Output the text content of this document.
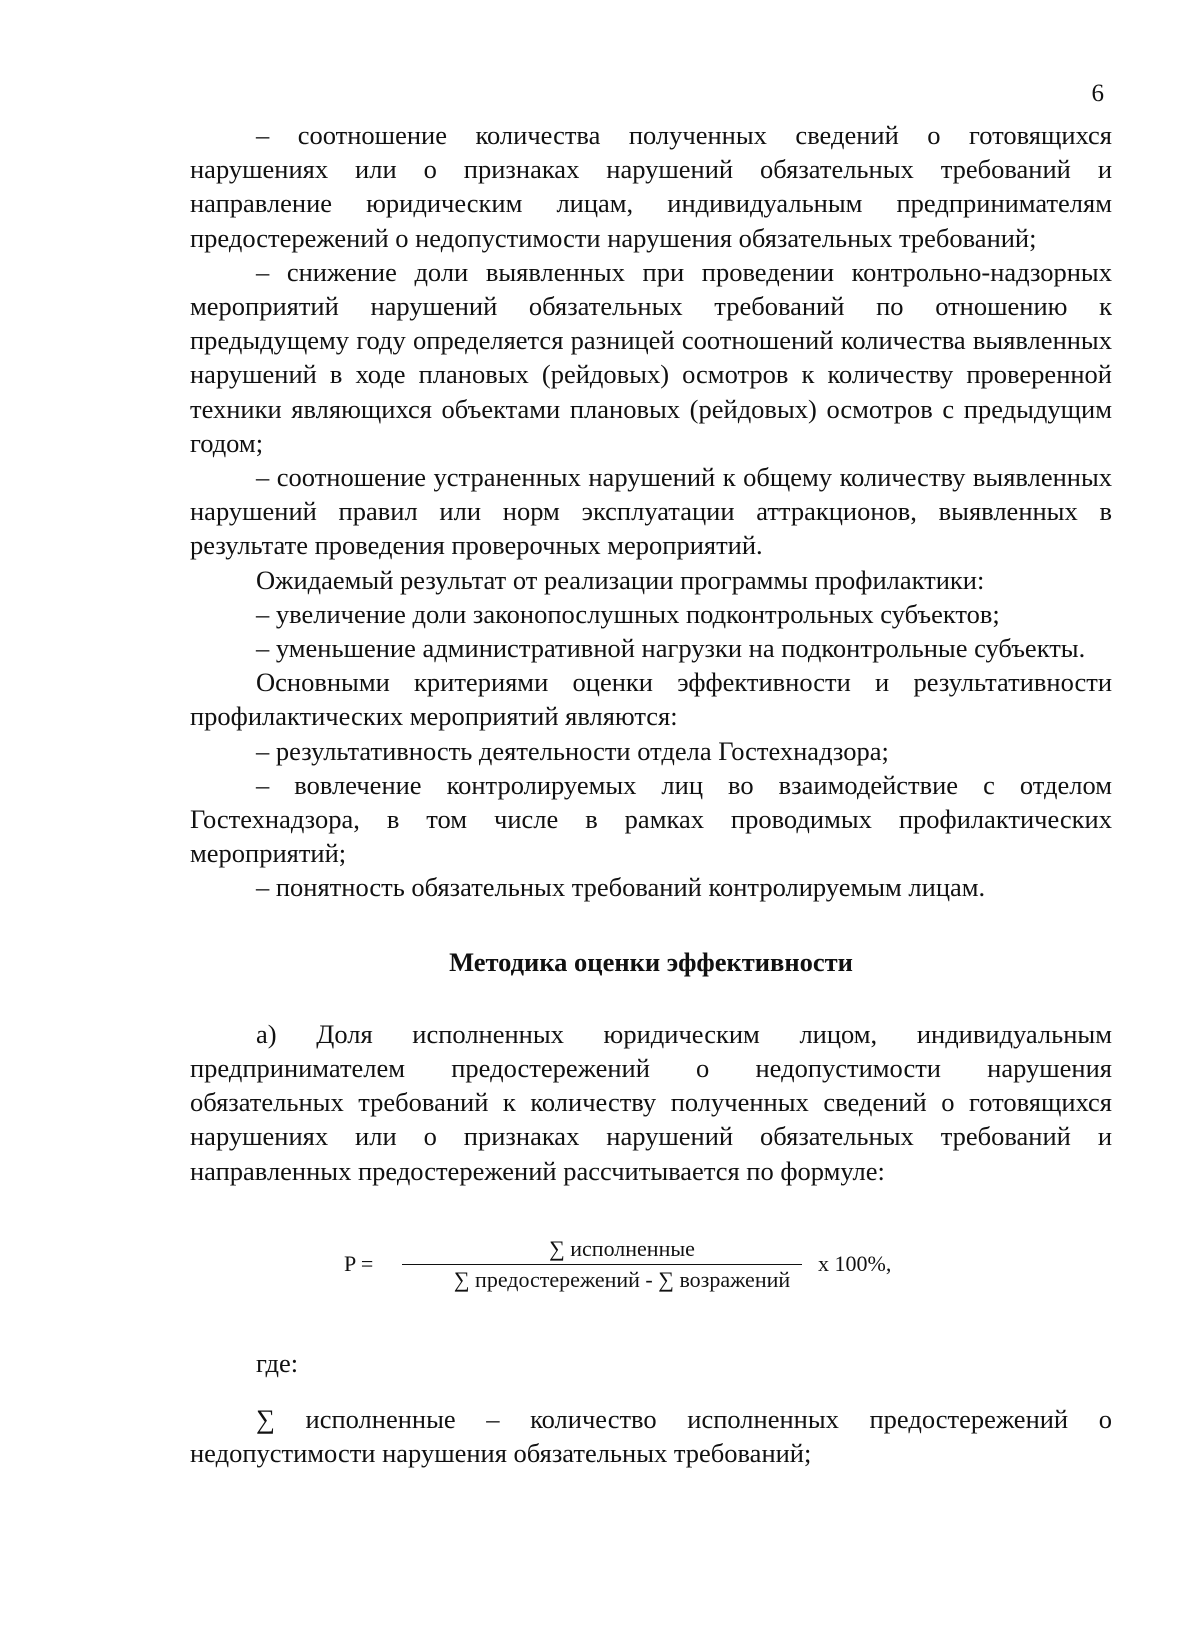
6

– соотношение количества полученных сведений о готовящихся нарушениях или о признаках нарушений обязательных требований и направление юридическим лицам, индивидуальным предпринимателям предостережений о недопустимости нарушения обязательных требований;

– снижение доли выявленных при проведении контрольно-надзорных мероприятий нарушений обязательных требований по отношению к предыдущему году определяется разницей соотношений количества выявленных нарушений в ходе плановых (рейдовых) осмотров к количеству проверенной техники являющихся объектами плановых (рейдовых) осмотров с предыдущим годом;

– соотношение устраненных нарушений к общему количеству выявленных нарушений правил или норм эксплуатации аттракционов, выявленных в результате проведения проверочных мероприятий.

Ожидаемый результат от реализации программы профилактики:

– увеличение доли законопослушных подконтрольных субъектов;

– уменьшение административной нагрузки на подконтрольные субъекты.

Основными критериями оценки эффективности и результативности профилактических мероприятий являются:

– результативность деятельности отдела Гостехнадзора;

– вовлечение контролируемых лиц во взаимодействие с отделом Гостехнадзора, в том числе в рамках проводимых профилактических мероприятий;

– понятность обязательных требований контролируемым лицам.

Методика оценки эффективности

а) Доля исполненных юридическим лицом, индивидуальным предпринимателем предостережений о недопустимости нарушения обязательных требований к количеству полученных сведений о готовящихся нарушениях или о признаках нарушений обязательных требований и направленных предостережений рассчитывается по формуле:

P =
∑ исполненные
∑ предостережений - ∑ возражений
x 100%,

где:

∑ исполненные – количество исполненных предостережений о недопустимости нарушения обязательных требований;
